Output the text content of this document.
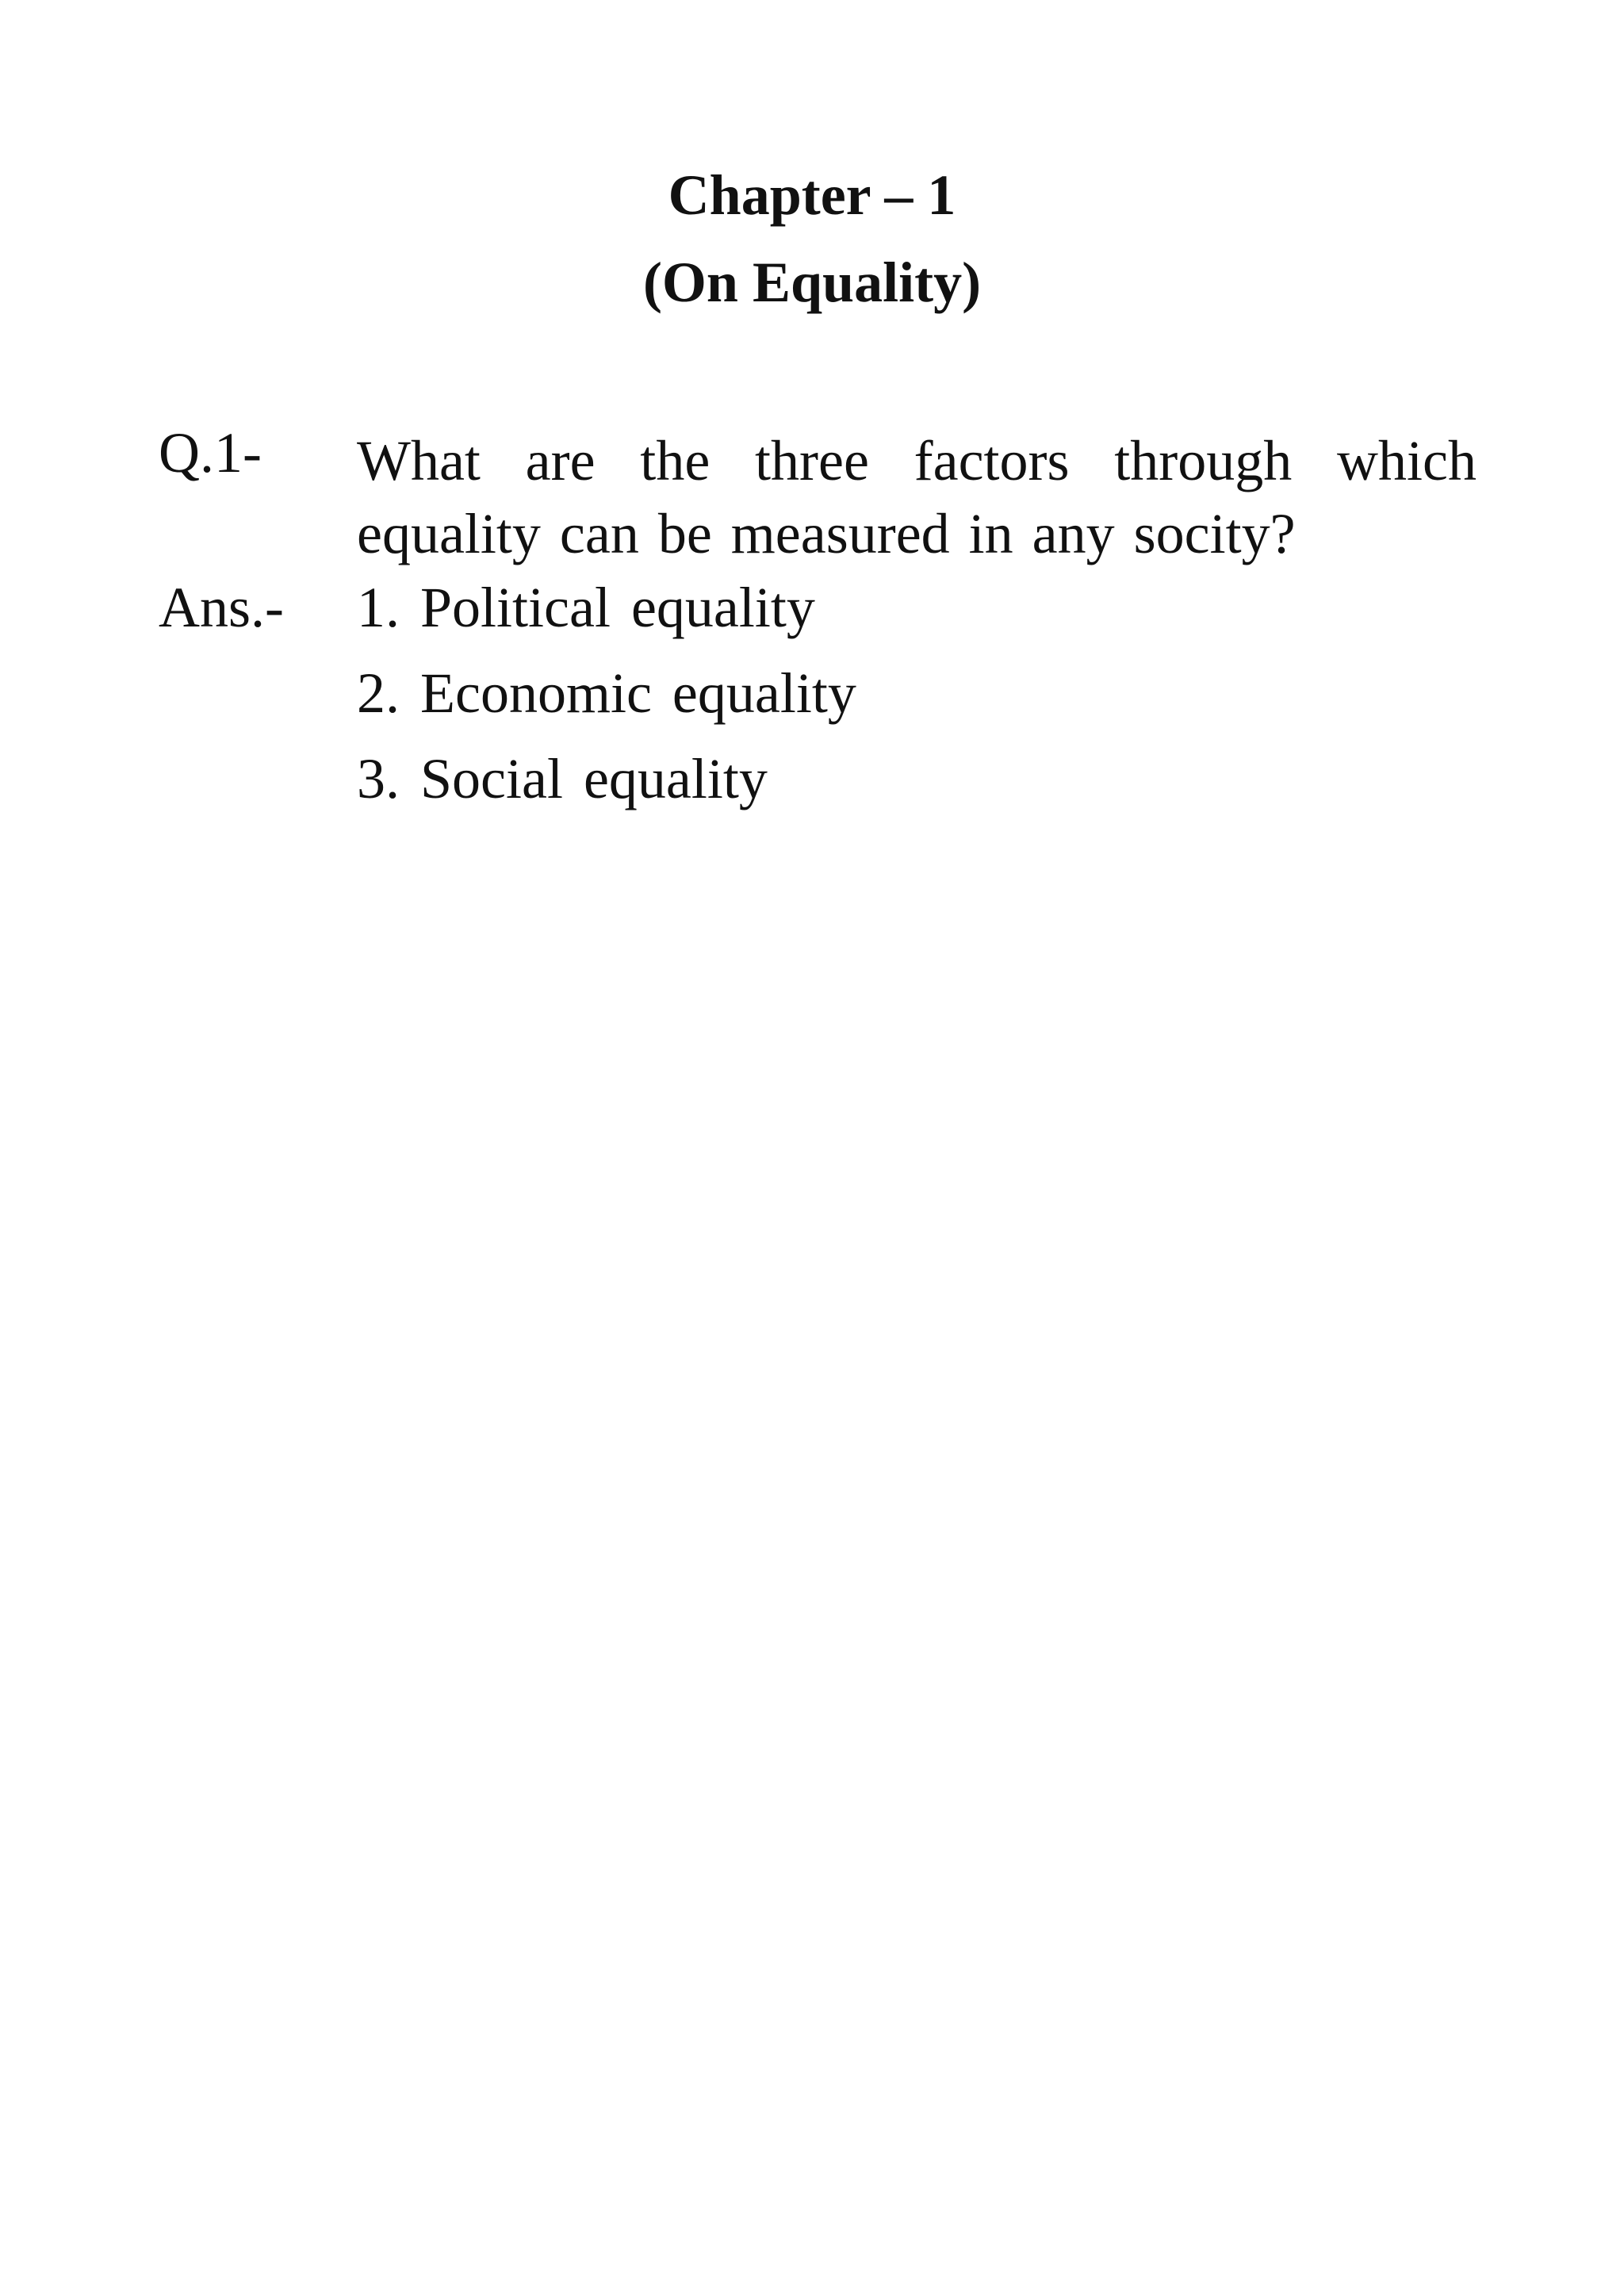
Chapter – 1
(On Equality)
Q.1- What are the three factors through which
equality can be measured in any socity?
Ans.- 1. Political equality
2. Economic equality
3. Social equality
